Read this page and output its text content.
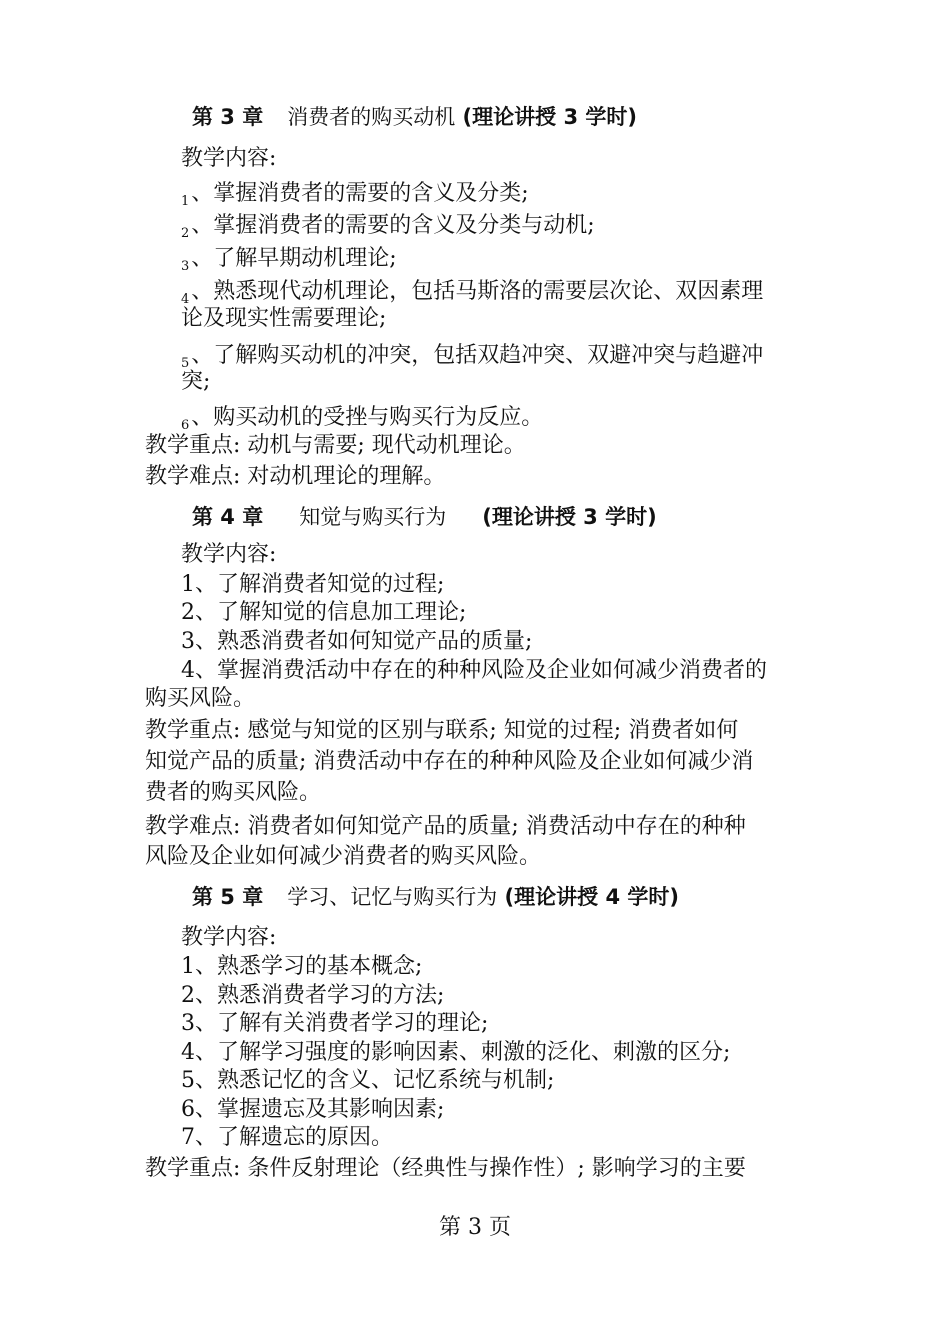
第 3 章 消费者的购买动机 (理论讲授 3 学时)
教学内容:
$_1$、掌握消费者的需要的含义及分类;
$_2$、掌握消费者的需要的含义及分类与动机;
$_3$、了解早期动机理论;
$_4$、熟悉现代动机理论，包括马斯洛的需要层次论、双因素理
论及现实性需要理论;
$_5$、了解购买动机的冲突，包括双趋冲突、双避冲突与趋避冲
突;
$_6$、购买动机的受挫与购买行为反应。
教学重点: 动机与需要; 现代动机理论。
教学难点: 对动机理论的理解。
第 4 章 知觉与购买行为 (理论讲授 3 学时)
教学内容:
1、了解消费者知觉的过程;
2、了解知觉的信息加工理论;
3、熟悉消费者如何知觉产品的质量;
4、掌握消费活动中存在的种种风险及企业如何减少消费者的
购买风险。
教学重点: 感觉与知觉的区别与联系; 知觉的过程; 消费者如何
知觉产品的质量; 消费活动中存在的种种风险及企业如何减少消
费者的购买风险。
教学难点: 消费者如何知觉产品的质量; 消费活动中存在的种种
风险及企业如何减少消费者的购买风险。
第 5 章 学习、记忆与购买行为 (理论讲授 4 学时)
教学内容:
1、熟悉学习的基本概念;
2、熟悉消费者学习的方法;
3、了解有关消费者学习的理论;
4、了解学习强度的影响因素、刺激的泛化、刺激的区分;
5、熟悉记忆的含义、记忆系统与机制;
6、掌握遗忘及其影响因素;
7、了解遗忘的原因。
教学重点: 条件反射理论（经典性与操作性）; 影响学习的主要
第 3 页
